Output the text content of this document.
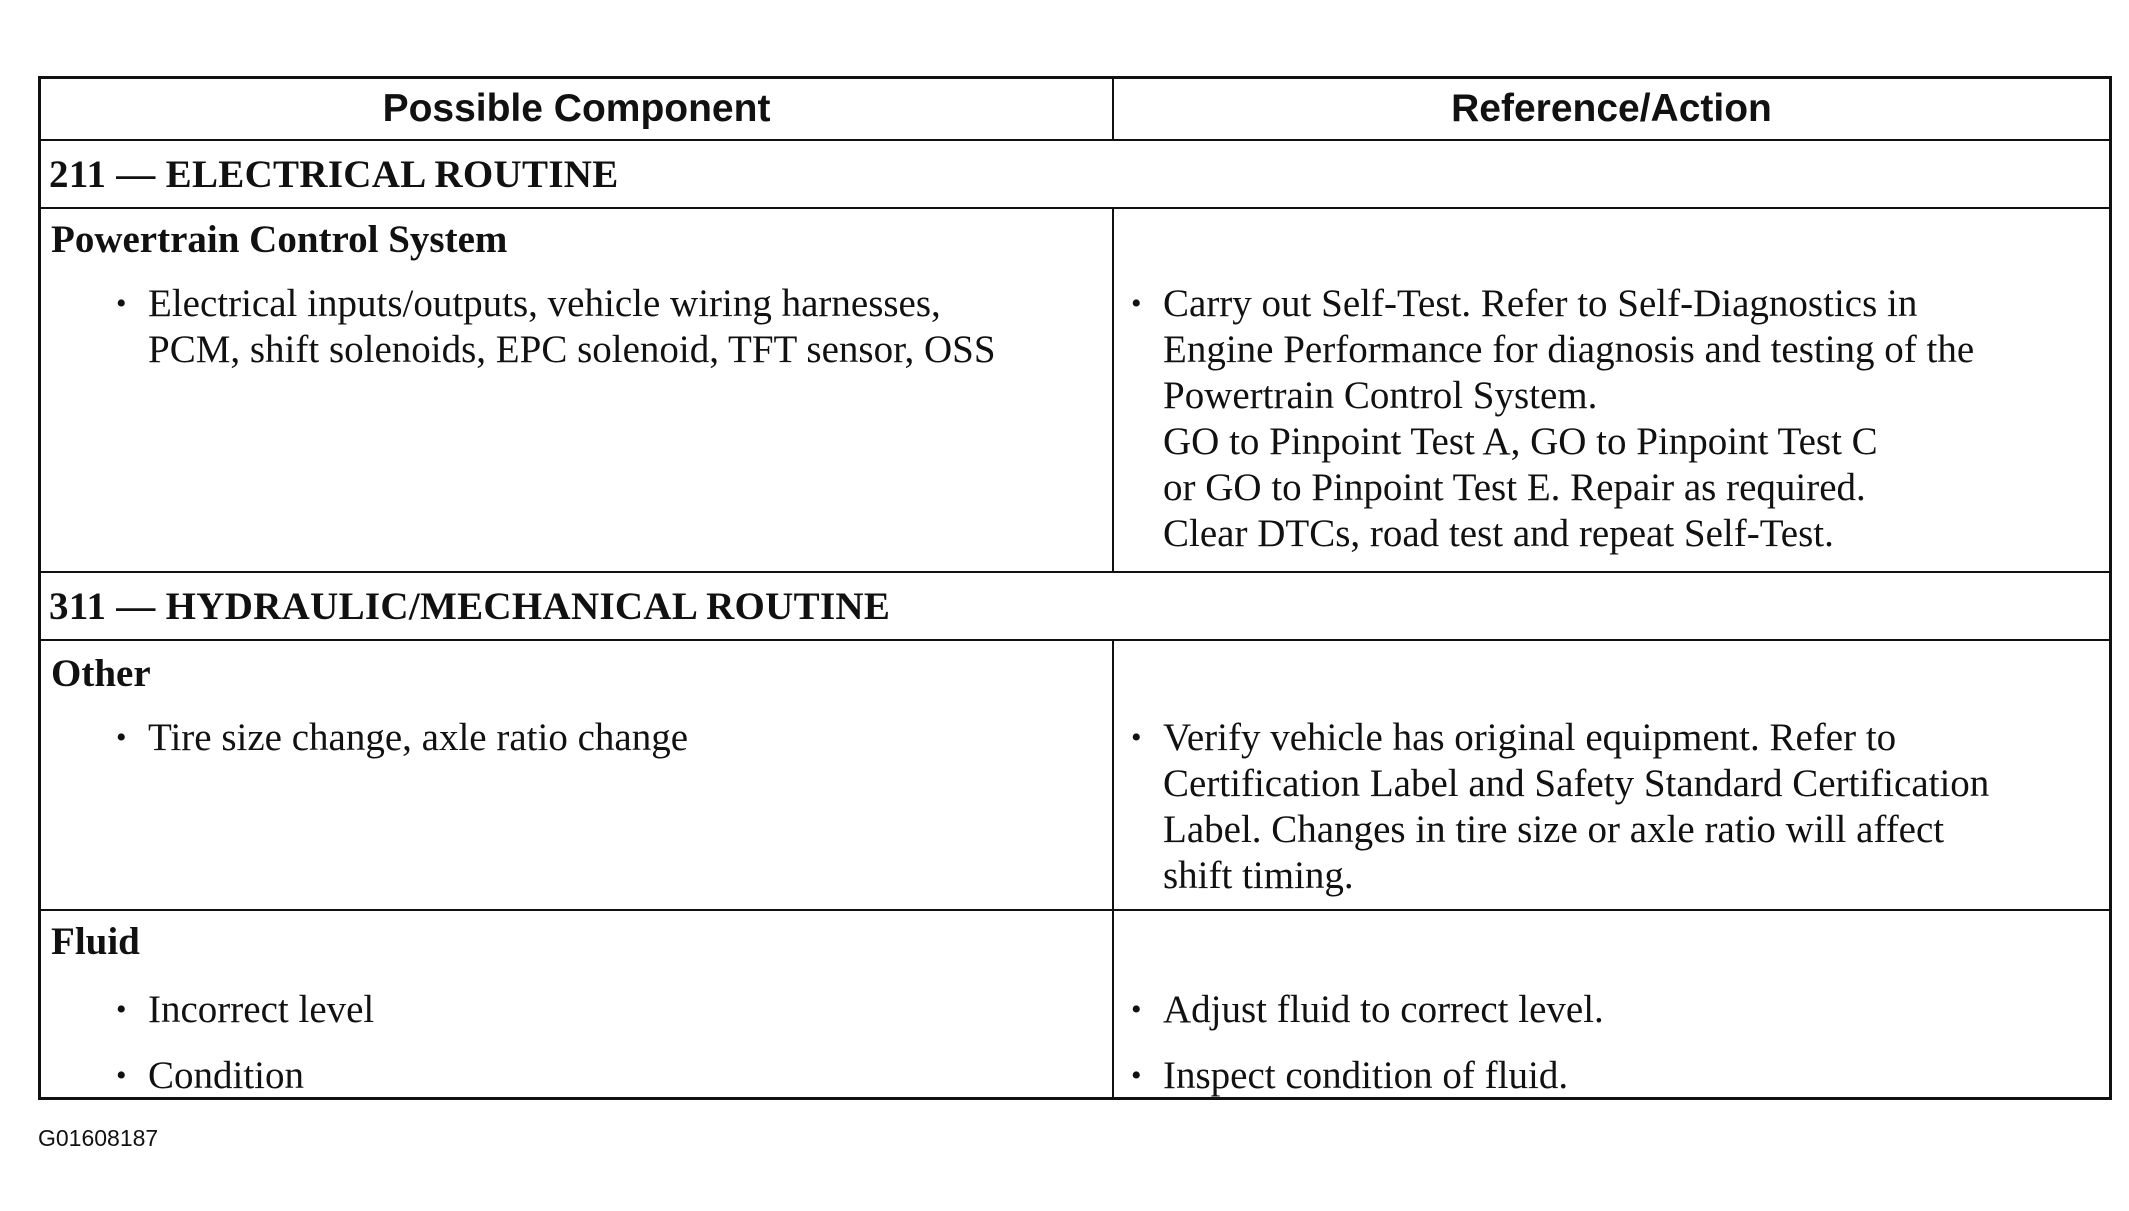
Possible Component	Reference/Action
211 — ELECTRICAL ROUTINE
Powertrain Control System
• Electrical inputs/outputs, vehicle wiring harnesses,
PCM, shift solenoids, EPC solenoid, TFT sensor, OSS
• Carry out Self-Test. Refer to Self-Diagnostics in
Engine Performance for diagnosis and testing of the
Powertrain Control System.
GO to Pinpoint Test A, GO to Pinpoint Test C
or GO to Pinpoint Test E. Repair as required.
Clear DTCs, road test and repeat Self-Test.
311 — HYDRAULIC/MECHANICAL ROUTINE
Other
• Tire size change, axle ratio change	• Verify vehicle has original equipment. Refer to
Certification Label and Safety Standard Certification
Label. Changes in tire size or axle ratio will affect
shift timing.
Fluid
• Incorrect level
• Condition
• Adjust fluid to correct level.
• Inspect condition of fluid.
G01608187
